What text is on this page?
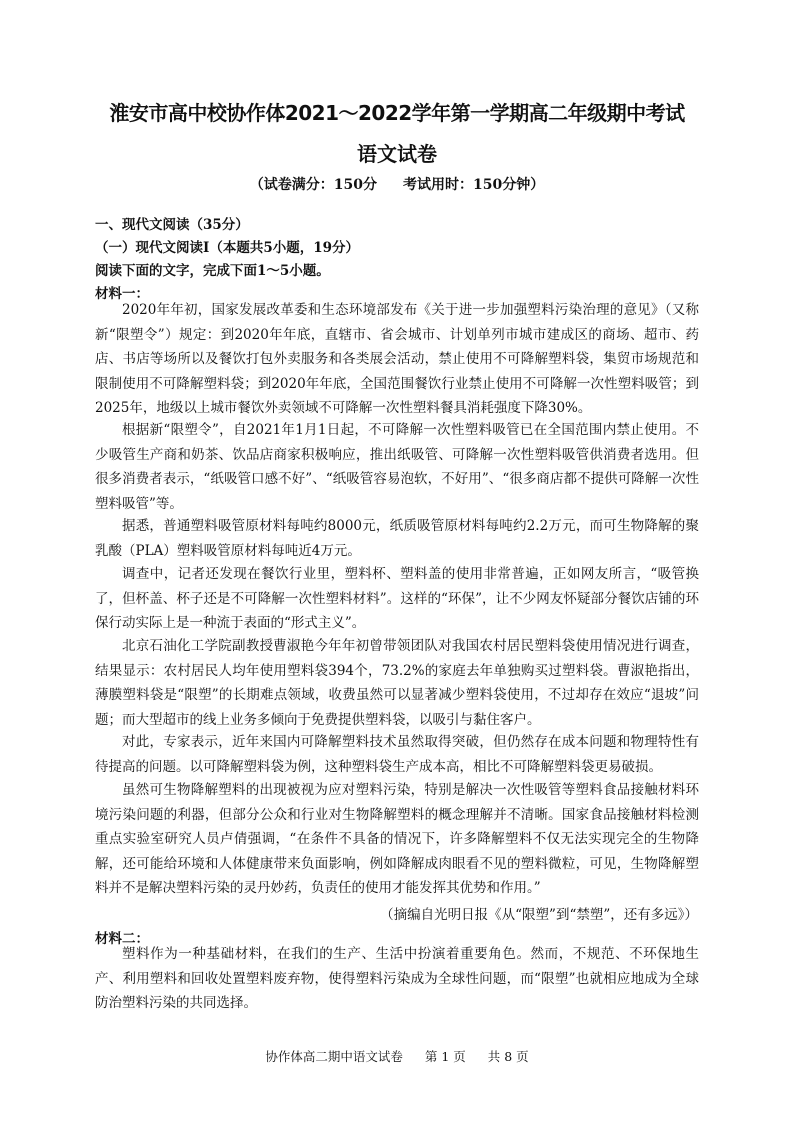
淮安市高中校协作体2021～2022学年第一学期高二年级期中考试
语文试卷
（试卷满分：150分 考试用时：150分钟）
一、现代文阅读（35分）
（一）现代文阅读Ⅰ（本题共5小题，19分）
阅读下面的文字，完成下面1～5小题。
材料一：

2020年年初，国家发展改革委和生态环境部发布《关于进一步加强塑料污染治理的意见》（又称新“限塑令”）规定：到2020年年底，直辖市、省会城市、计划单列市城市建成区的商场、超市、药店、书店等场所以及餐饮打包外卖服务和各类展会活动，禁止使用不可降解塑料袋，集贸市场规范和限制使用不可降解塑料袋；到2020年年底，全国范围餐饮行业禁止使用不可降解一次性塑料吸管；到2025年，地级以上城市餐饮外卖领域不可降解一次性塑料餐具消耗强度下降30%。

根据新“限塑令”，自2021年1月1日起，不可降解一次性塑料吸管已在全国范围内禁止使用。不少吸管生产商和奶茶、饮品店商家积极响应，推出纸吸管、可降解一次性塑料吸管供消费者选用。但很多消费者表示，“纸吸管口感不好”、“纸吸管容易泡软，不好用”、“很多商店都不提供可降解一次性塑料吸管”等。

据悉，普通塑料吸管原材料每吨约8000元，纸质吸管原材料每吨约2.2万元，而可生物降解的聚乳酸（PLA）塑料吸管原材料每吨近4万元。

调查中，记者还发现在餐饮行业里，塑料杯、塑料盖的使用非常普遍，正如网友所言，“吸管换了，但杯盖、杯子还是不可降解一次性塑料材料”。这样的“环保”，让不少网友怀疑部分餐饮店铺的环保行动实际上是一种流于表面的“形式主义”。

北京石油化工学院副教授曹淑艳今年年初曾带领团队对我国农村居民塑料袋使用情况进行调查，结果显示：农村居民人均年使用塑料袋394个，73.2%的家庭去年单独购买过塑料袋。曹淑艳指出，薄膜塑料袋是“限塑”的长期难点领域，收费虽然可以显著减少塑料袋使用，不过却存在效应“退坡”问题；而大型超市的线上业务多倾向于免费提供塑料袋，以吸引与黏住客户。

对此，专家表示，近年来国内可降解塑料技术虽然取得突破，但仍然存在成本问题和物理特性有待提高的问题。以可降解塑料袋为例，这种塑料袋生产成本高，相比不可降解塑料袋更易破损。

虽然可生物降解塑料的出现被视为应对塑料污染，特别是解决一次性吸管等塑料食品接触材料环境污染问题的利器，但部分公众和行业对生物降解塑料的概念理解并不清晰。国家食品接触材料检测重点实验室研究人员卢倩强调，“在条件不具备的情况下，许多降解塑料不仅无法实现完全的生物降解，还可能给环境和人体健康带来负面影响，例如降解成肉眼看不见的塑料微粒，可见，生物降解塑料并不是解决塑料污染的灵丹妙药，负责任的使用才能发挥其优势和作用。”

（摘编自光明日报《从“限塑”到“禁塑”，还有多远》）
材料二：

塑料作为一种基础材料，在我们的生产、生活中扮演着重要角色。然而，不规范、不环保地生产、利用塑料和回收处置塑料废弃物，使得塑料污染成为全球性问题，而“限塑”也就相应地成为全球防治塑料污染的共同选择。

协作体高二期中语文试卷 第 1 页 共 8 页
